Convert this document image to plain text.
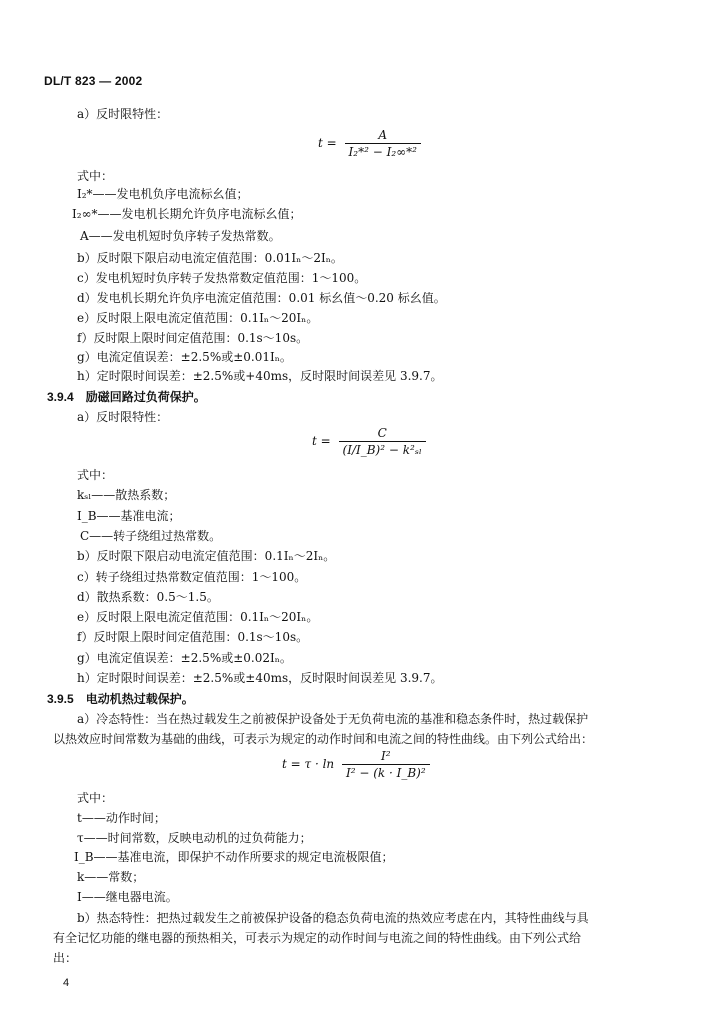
DL/T 823 — 2002
a）反时限特性：
$t = \frac{A}{\text{I₂*² − I₂∞*²}}$
式中：
I₂*——发电机负序电流标幺值；
I₂∞*——发电机长期允许负序电流标幺值；
A——发电机短时负序转子发热常数。
b）反时限下限启动电流定值范围：0.01Iₙ～2Iₙ。
c）发电机短时负序转子发热常数定值范围：1～100。
d）发电机长期允许负序电流定值范围：0.01 标幺值～0.20 标幺值。
e）反时限上限电流定值范围：0.1Iₙ～20Iₙ。
f）反时限上限时间定值范围：0.1s～10s。
g）电流定值误差：±2.5%或±0.01Iₙ。
h）定时限时间误差：±2.5%或+40ms，反时限时间误差见 3.9.7。
3.9.4　励磁回路过负荷保护。
a）反时限特性：
$t = \frac{C}{\text{(I/I\_B)² − k²ₛₗ}}$
式中：
kₛₗ——散热系数；
I_B——基准电流；
C——转子绕组过热常数。
b）反时限下限启动电流定值范围：0.1Iₙ～2Iₙ。
c）转子绕组过热常数定值范围：1～100。
d）散热系数：0.5～1.5。
e）反时限上限电流定值范围：0.1Iₙ～20Iₙ。
f）反时限上限时间定值范围：0.1s～10s。
g）电流定值误差：±2.5%或±0.02Iₙ。
h）定时限时间误差：±2.5%或±40ms，反时限时间误差见 3.9.7。
3.9.5　电动机热过载保护。
a）冷态特性：当在热过载发生之前被保护设备处于无负荷电流的基准和稳态条件时，热过载保护
以热效应时间常数为基础的曲线，可表示为规定的动作时间和电流之间的特性曲线。由下列公式给出：
$t = \tau \cdot \ln \frac{\text{I²}}{\text{I² − (k · I\_B)²}}$
式中：
t——动作时间；
τ——时间常数，反映电动机的过负荷能力；
I_B——基准电流，即保护不动作所要求的规定电流极限值；
k——常数；
I——继电器电流。
b）热态特性：把热过载发生之前被保护设备的稳态负荷电流的热效应考虑在内，其特性曲线与具
有全记忆功能的继电器的预热相关，可表示为规定的动作时间与电流之间的特性曲线。由下列公式给
出：
4
